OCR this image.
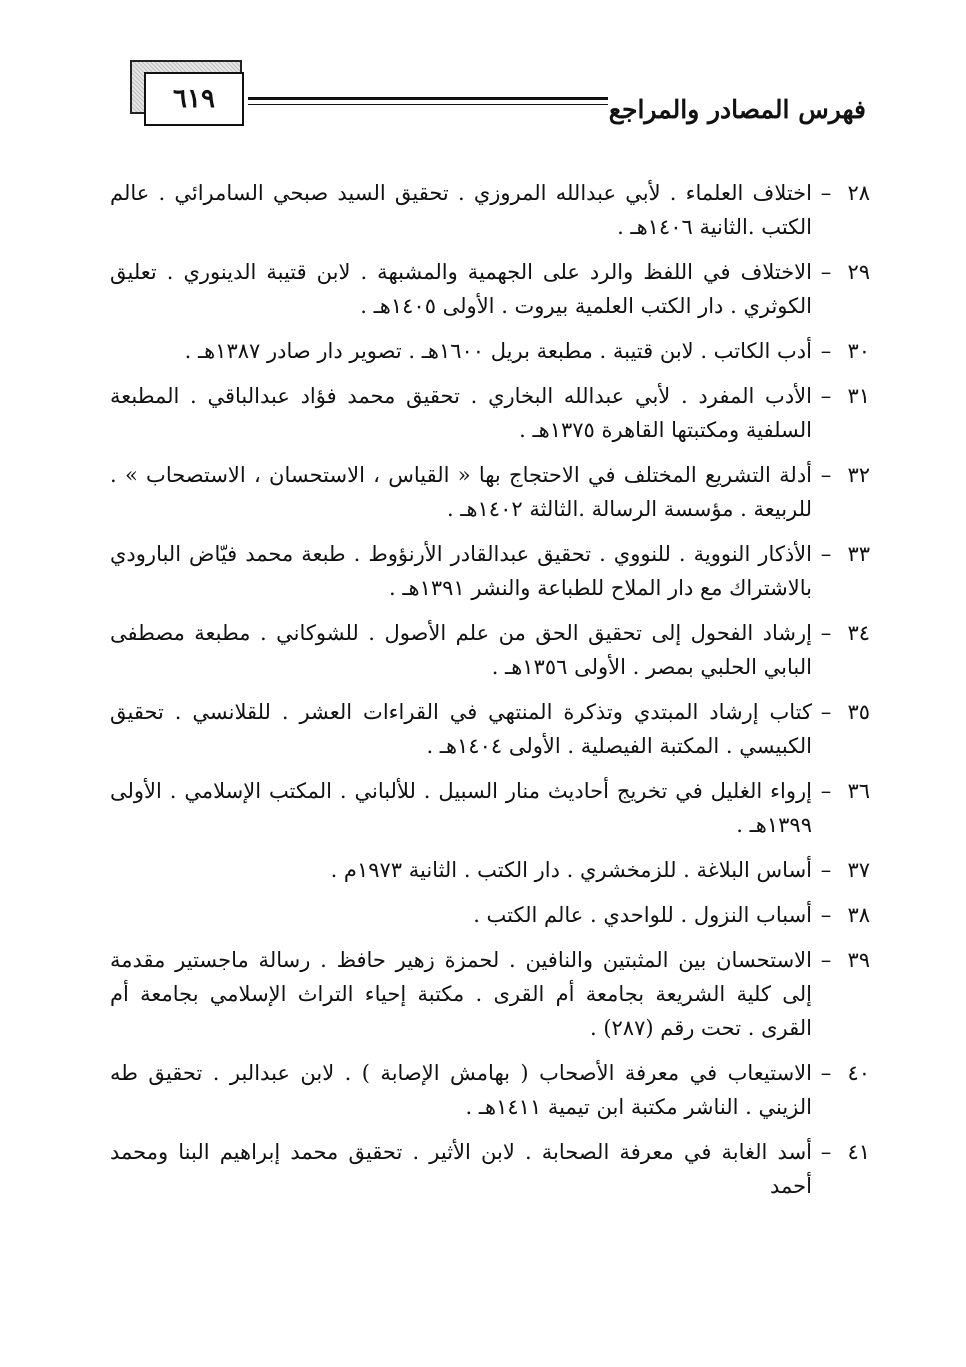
٦١٩	فهرس المصادر والمراجع
٢٨
–
اختلاف العلماء . لأبي عبدالله المروزي . تحقيق السيد صبحي السامرائي . عالم الكتب .الثانية ١٤٠٦هـ .
٢٩
–
الاختلاف في اللفظ والرد على الجهمية والمشبهة . لابن قتيبة الدينوري . تعليق الكوثري . دار الكتب العلمية بيروت . الأولى ١٤٠٥هـ .
٣٠
–
أدب الكاتب . لابن قتيبة . مطبعة بريل ١٦٠٠هـ . تصوير دار صادر ١٣٨٧هـ .
٣١
–
الأدب المفرد . لأبي عبدالله البخاري . تحقيق محمد فؤاد عبدالباقي . المطبعة السلفية ومكتبتها القاهرة ١٣٧٥هـ .
٣٢
–
أدلة التشريع المختلف في الاحتجاج بها « القياس ، الاستحسان ، الاستصحاب » . للربيعة . مؤسسة الرسالة .الثالثة ١٤٠٢هـ .
٣٣
–
الأذكار النووية . للنووي . تحقيق عبدالقادر الأرنؤوط . طبعة محمد فيّاض البارودي بالاشتراك مع دار الملاح للطباعة والنشر ١٣٩١هـ .
٣٤
–
إرشاد الفحول إلى تحقيق الحق من علم الأصول . للشوكاني . مطبعة مصطفى البابي الحلبي بمصر . الأولى ١٣٥٦هـ .
٣٥
–
كتاب إرشاد المبتدي وتذكرة المنتهي في القراءات العشر . للقلانسي . تحقيق الكبيسي . المكتبة الفيصلية . الأولى ١٤٠٤هـ .
٣٦
–
إرواء الغليل في تخريج أحاديث منار السبيل . للألباني . المكتب الإسلامي . الأولى ١٣٩٩هـ .
٣٧
–
أساس البلاغة . للزمخشري . دار الكتب . الثانية ١٩٧٣م .
٣٨
–
أسباب النزول . للواحدي . عالم الكتب .
٣٩
–
الاستحسان بين المثبتين والنافين . لحمزة زهير حافظ . رسالة ماجستير مقدمة إلى كلية الشريعة بجامعة أم القرى . مكتبة إحياء التراث الإسلامي بجامعة أم القرى . تحت رقم (٢٨٧) .
٤٠
–
الاستيعاب في معرفة الأصحاب ( بهامش الإصابة ) . لابن عبدالبر . تحقيق طه الزيني . الناشر مكتبة ابن تيمية ١٤١١هـ .
٤١
–
أسد الغابة في معرفة الصحابة . لابن الأثير . تحقيق محمد إبراهيم البنا ومحمد أحمد
